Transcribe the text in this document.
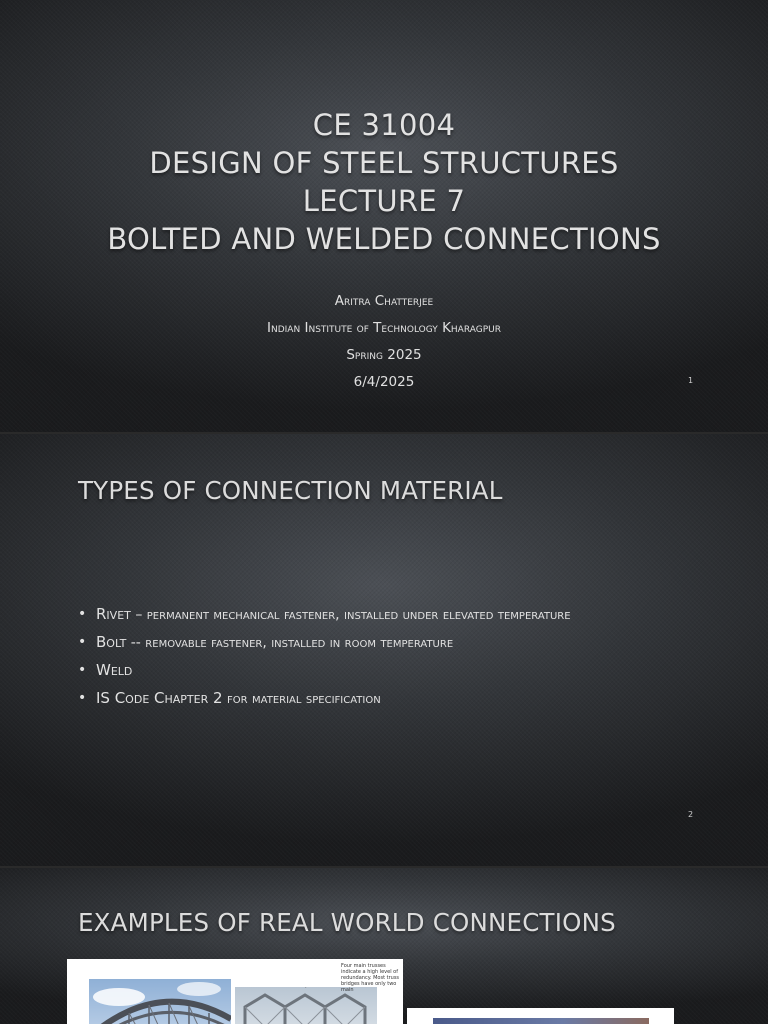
CE 31004
DESIGN OF STEEL STRUCTURES
LECTURE 7
BOLTED AND WELDED CONNECTIONS
Aritra Chatterjee
Indian Institute of Technology Kharagpur
Spring 2025
6/4/2025	1
TYPES OF CONNECTION MATERIAL
• Rivet – permanent mechanical fastener, installed under elevated temperature
• Bolt -- removable fastener, installed in room temperature
• Weld
• IS Code Chapter 2 for material specification
2
EXAMPLES OF REAL WORLD CONNECTIONS
Four main trusses indicate a high level of redundancy. Most truss bridges have only two main
